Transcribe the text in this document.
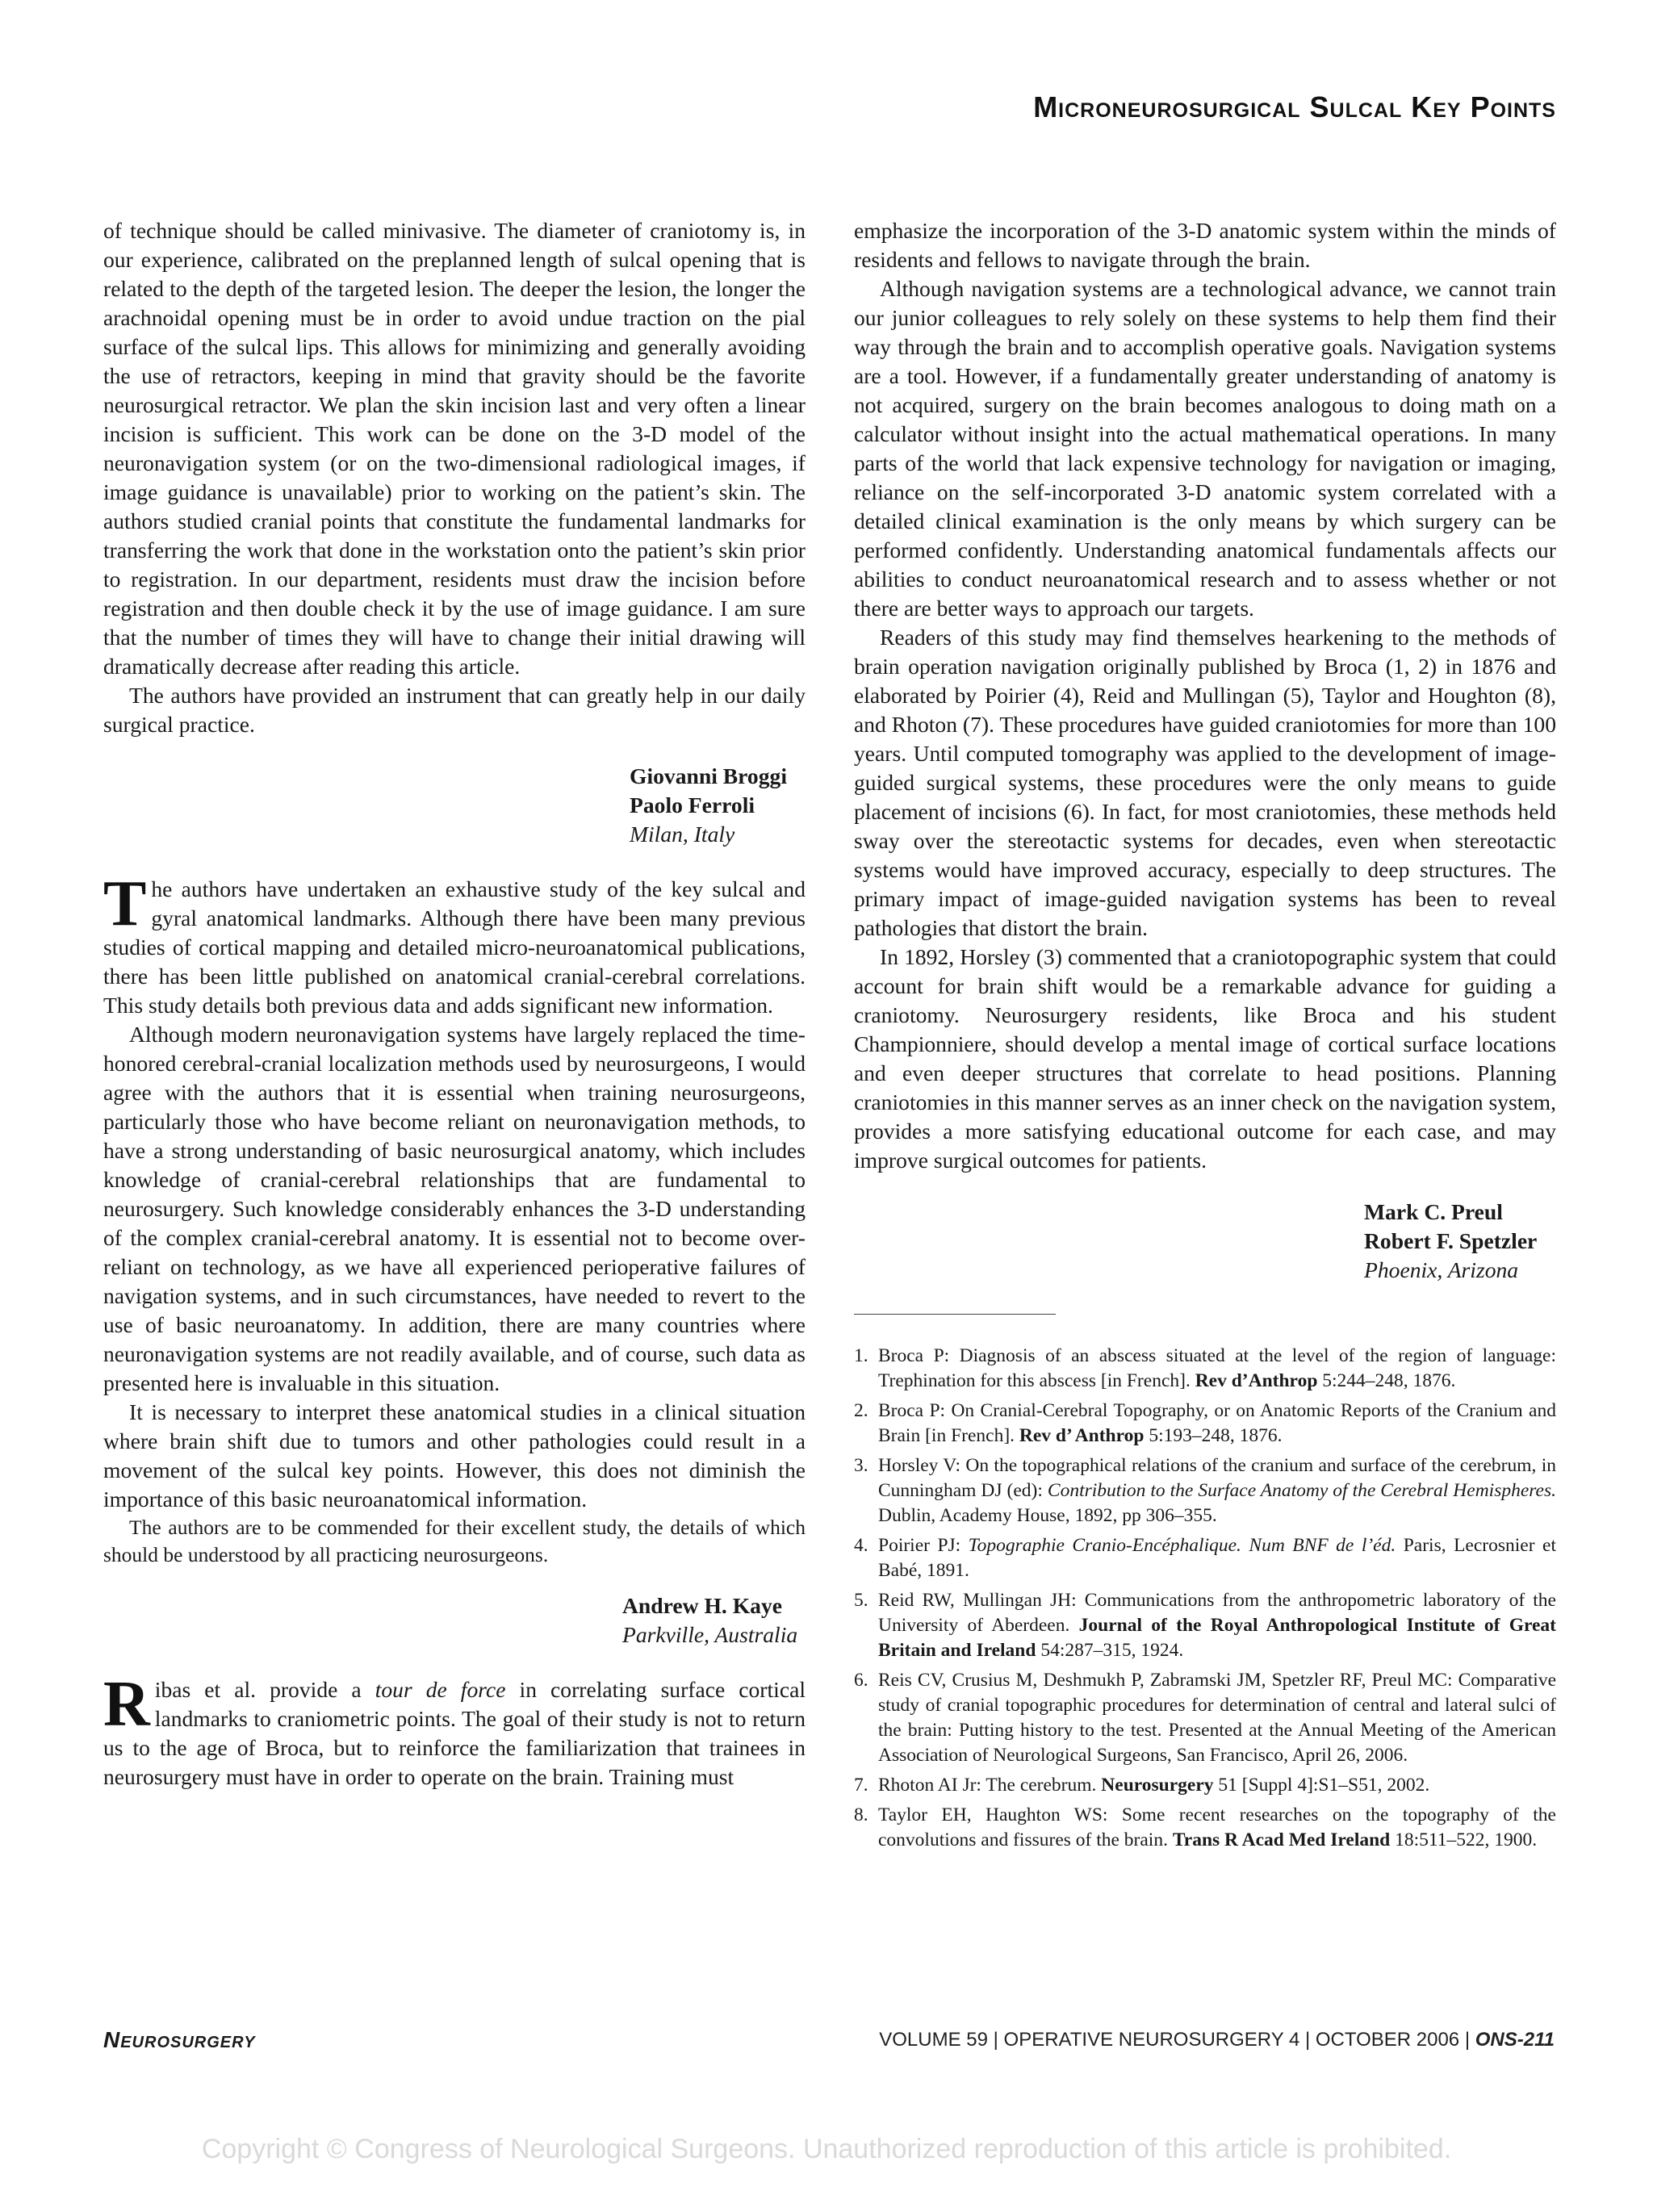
Microneurosurgical Sulcal Key Points

of technique should be called minivasive. The diameter of craniotomy is, in our experience, calibrated on the preplanned length of sulcal opening that is related to the depth of the targeted lesion. The deeper the lesion, the longer the arachnoidal opening must be in order to avoid undue traction on the pial surface of the sulcal lips. This allows for minimizing and generally avoiding the use of retractors, keeping in mind that gravity should be the favorite neurosurgical retractor. We plan the skin incision last and very often a linear incision is sufficient. This work can be done on the 3-D model of the neuronavigation system (or on the two-dimensional radiological images, if image guidance is unavailable) prior to working on the patient’s skin. The authors studied cranial points that constitute the fundamental landmarks for transferring the work that done in the workstation onto the patient’s skin prior to registration. In our department, residents must draw the incision before registration and then double check it by the use of image guidance. I am sure that the number of times they will have to change their initial drawing will dramatically decrease after reading this article.

The authors have provided an instrument that can greatly help in our daily surgical practice.

Giovanni Broggi
Paolo Ferroli
Milan, Italy

The authors have undertaken an exhaustive study of the key sulcal and gyral anatomical landmarks. Although there have been many previous studies of cortical mapping and detailed micro-neuroanatomical publications, there has been little published on anatomical cranial-cerebral correlations. This study details both previous data and adds significant new information.

Although modern neuronavigation systems have largely replaced the time-honored cerebral-cranial localization methods used by neurosurgeons, I would agree with the authors that it is essential when training neurosurgeons, particularly those who have become reliant on neuronavigation methods, to have a strong understanding of basic neurosurgical anatomy, which includes knowledge of cranial-cerebral relationships that are fundamental to neurosurgery. Such knowledge considerably enhances the 3-D understanding of the complex cranial-cerebral anatomy. It is essential not to become over-reliant on technology, as we have all experienced perioperative failures of navigation systems, and in such circumstances, have needed to revert to the use of basic neuroanatomy. In addition, there are many countries where neuronavigation systems are not readily available, and of course, such data as presented here is invaluable in this situation.

It is necessary to interpret these anatomical studies in a clinical situation where brain shift due to tumors and other pathologies could result in a movement of the sulcal key points. However, this does not diminish the importance of this basic neuroanatomical information.

The authors are to be commended for their excellent study, the details of which should be understood by all practicing neurosurgeons.

Andrew H. Kaye
Parkville, Australia

Ribas et al. provide a tour de force in correlating surface cortical landmarks to craniometric points. The goal of their study is not to return us to the age of Broca, but to reinforce the familiarization that trainees in neurosurgery must have in order to operate on the brain. Training must

emphasize the incorporation of the 3-D anatomic system within the minds of residents and fellows to navigate through the brain.

Although navigation systems are a technological advance, we cannot train our junior colleagues to rely solely on these systems to help them find their way through the brain and to accomplish operative goals. Navigation systems are a tool. However, if a fundamentally greater understanding of anatomy is not acquired, surgery on the brain becomes analogous to doing math on a calculator without insight into the actual mathematical operations. In many parts of the world that lack expensive technology for navigation or imaging, reliance on the self-incorporated 3-D anatomic system correlated with a detailed clinical examination is the only means by which surgery can be performed confidently. Understanding anatomical fundamentals affects our abilities to conduct neuroanatomical research and to assess whether or not there are better ways to approach our targets.

Readers of this study may find themselves hearkening to the methods of brain operation navigation originally published by Broca (1, 2) in 1876 and elaborated by Poirier (4), Reid and Mullingan (5), Taylor and Houghton (8), and Rhoton (7). These procedures have guided craniotomies for more than 100 years. Until computed tomography was applied to the development of image-guided surgical systems, these procedures were the only means to guide placement of incisions (6). In fact, for most craniotomies, these methods held sway over the stereotactic systems for decades, even when stereotactic systems would have improved accuracy, especially to deep structures. The primary impact of image-guided navigation systems has been to reveal pathologies that distort the brain.

In 1892, Horsley (3) commented that a craniotopographic system that could account for brain shift would be a remarkable advance for guiding a craniotomy. Neurosurgery residents, like Broca and his student Championniere, should develop a mental image of cortical surface locations and even deeper structures that correlate to head positions. Planning craniotomies in this manner serves as an inner check on the navigation system, provides a more satisfying educational outcome for each case, and may improve surgical outcomes for patients.

Mark C. Preul
Robert F. Spetzler
Phoenix, Arizona
1. Broca P: Diagnosis of an abscess situated at the level of the region of language: Trephination for this abscess [in French]. Rev d’Anthrop 5:244–248, 1876.
2. Broca P: On Cranial-Cerebral Topography, or on Anatomic Reports of the Cranium and Brain [in French]. Rev d’ Anthrop 5:193–248, 1876.
3. Horsley V: On the topographical relations of the cranium and surface of the cerebrum, in Cunningham DJ (ed): Contribution to the Surface Anatomy of the Cerebral Hemispheres. Dublin, Academy House, 1892, pp 306–355.
4. Poirier PJ: Topographie Cranio-Encéphalique. Num BNF de l’éd. Paris, Lecrosnier et Babé, 1891.
5. Reid RW, Mullingan JH: Communications from the anthropometric laboratory of the University of Aberdeen. Journal of the Royal Anthropological Institute of Great Britain and Ireland 54:287–315, 1924.
6. Reis CV, Crusius M, Deshmukh P, Zabramski JM, Spetzler RF, Preul MC: Comparative study of cranial topographic procedures for determination of central and lateral sulci of the brain: Putting history to the test. Presented at the Annual Meeting of the American Association of Neurological Surgeons, San Francisco, April 26, 2006.
7. Rhoton AI Jr: The cerebrum. Neurosurgery 51 [Suppl 4]:S1–S51, 2002.
8. Taylor EH, Haughton WS: Some recent researches on the topography of the convolutions and fissures of the brain. Trans R Acad Med Ireland 18:511–522, 1900.
Neurosurgery	VOLUME 59 | OPERATIVE NEUROSURGERY 4 | OCTOBER 2006 | ONS-211
Copyright © Congress of Neurological Surgeons. Unauthorized reproduction of this article is prohibited.
